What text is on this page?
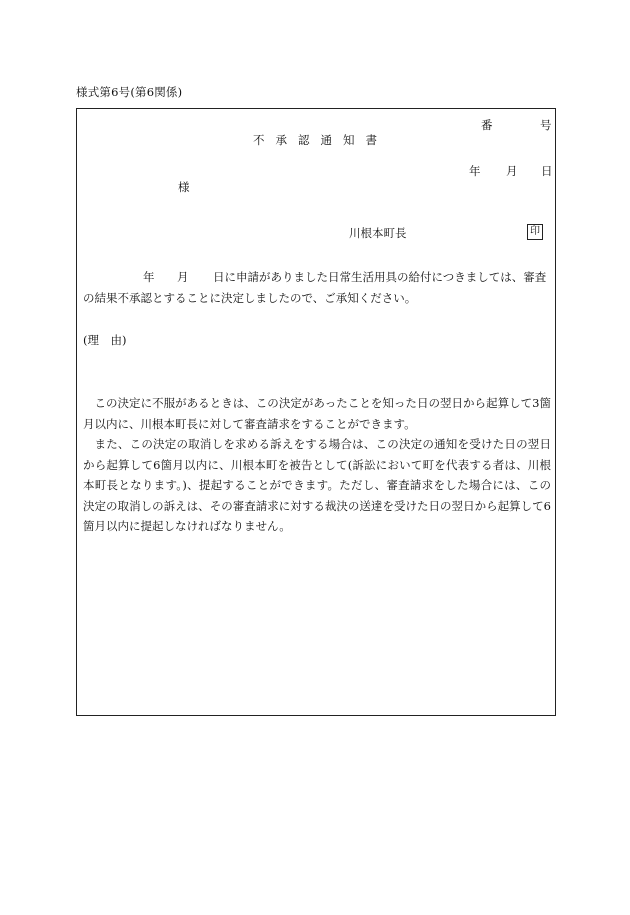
様式第6号(第6関係)
番	号
不承認通知書
年 月 日
様
川根本町長	印
年 月 日に申請がありました日常生活用具の給付につきましては、審査
の結果不承認とすることに決定しましたので、ご承知ください。
(理　由)

この決定に不服があるときは、この決定があったことを知った日の翌日から起算して3箇月以内に、川根本町長に対して審査請求をすることができます。

また、この決定の取消しを求める訴えをする場合は、この決定の通知を受けた日の翌日から起算して6箇月以内に、川根本町を被告として(訴訟において町を代表する者は、川根本町長となります。)、提起することができます。ただし、審査請求をした場合には、この決定の取消しの訴えは、その審査請求に対する裁決の送達を受けた日の翌日から起算して6箇月以内に提起しなければなりません。
